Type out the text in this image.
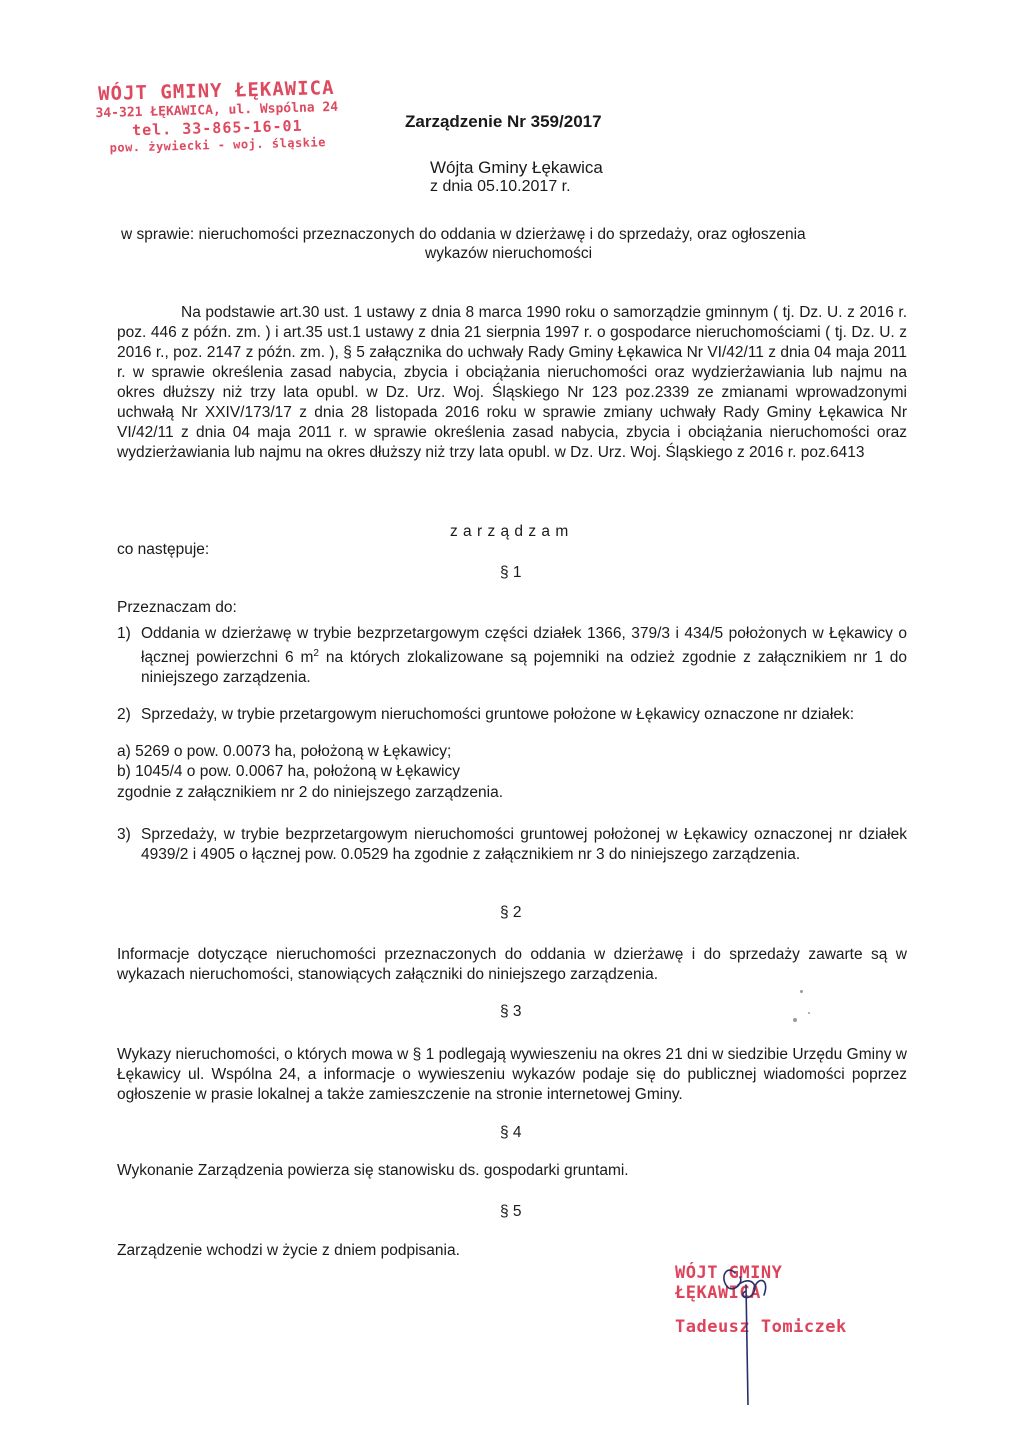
WÓJT GMINY ŁĘKAWICA
34-321 ŁĘKAWICA, ul. Wspólna 24
tel. 33-865-16-01
pow. żywiecki - woj. śląskie
Zarządzenie Nr 359/2017
Wójta Gminy Łękawica
z dnia 05.10.2017 r.
w sprawie: nieruchomości przeznaczonych do oddania w dzierżawę i do sprzedaży, oraz ogłoszenia
wykazów nieruchomości
Na podstawie art.30 ust. 1 ustawy z dnia 8 marca 1990 roku o samorządzie gminnym ( tj. Dz. U. z 2016 r. poz. 446 z późn. zm. ) i art.35 ust.1 ustawy z dnia 21 sierpnia 1997 r. o gospodarce nieruchomościami ( tj. Dz. U. z 2016 r., poz. 2147 z późn. zm. ), § 5 załącznika do uchwały Rady Gminy Łękawica Nr VI/42/11 z dnia 04 maja 2011 r. w sprawie określenia zasad nabycia, zbycia i obciążania nieruchomości oraz wydzierżawiania lub najmu na okres dłuższy niż trzy lata opubl. w Dz. Urz. Woj. Śląskiego Nr 123 poz.2339 ze zmianami wprowadzonymi uchwałą Nr XXIV/173/17 z dnia 28 listopada 2016 roku w sprawie zmiany uchwały Rady Gminy Łękawica Nr VI/42/11 z dnia 04 maja 2011 r. w sprawie określenia zasad nabycia, zbycia i obciążania nieruchomości oraz wydzierżawiania lub najmu na okres dłuższy niż trzy lata opubl. w Dz. Urz. Woj. Śląskiego z 2016 r. poz.6413
z a r z ą d z a m
co następuje:
§ 1
Przeznaczam do:
1) Oddania w dzierżawę w trybie bezprzetargowym części działek 1366, 379/3 i 434/5 położonych w Łękawicy o łącznej powierzchni 6 $m^2$ na których zlokalizowane są pojemniki na odzież zgodnie z załącznikiem nr 1 do niniejszego zarządzenia.
2) Sprzedaży, w trybie przetargowym nieruchomości gruntowe położone w Łękawicy oznaczone nr działek:
a) 5269 o pow. 0.0073 ha, położoną w Łękawicy;
b) 1045/4 o pow. 0.0067 ha, położoną w Łękawicy
zgodnie z załącznikiem nr 2 do niniejszego zarządzenia.
3) Sprzedaży, w trybie bezprzetargowym nieruchomości gruntowej położonej w Łękawicy oznaczonej nr działek 4939/2 i 4905 o łącznej pow. 0.0529 ha zgodnie z załącznikiem nr 3 do niniejszego zarządzenia.
§ 2
Informacje dotyczące nieruchomości przeznaczonych do oddania w dzierżawę i do sprzedaży zawarte są w wykazach nieruchomości, stanowiących załączniki do niniejszego zarządzenia.
§ 3
Wykazy nieruchomości, o których mowa w § 1 podlegają wywieszeniu na okres 21 dni w siedzibie Urzędu Gminy w Łękawicy ul. Wspólna 24, a informacje o wywieszeniu wykazów podaje się do publicznej wiadomości poprzez ogłoszenie w prasie lokalnej a także zamieszczenie na stronie internetowej Gminy.
§ 4
Wykonanie Zarządzenia powierza się stanowisku ds. gospodarki gruntami.
§ 5
Zarządzenie wchodzi w życie z dniem podpisania.
WÓJT GMINY ŁĘKAWICA
Tadeusz Tomiczek
